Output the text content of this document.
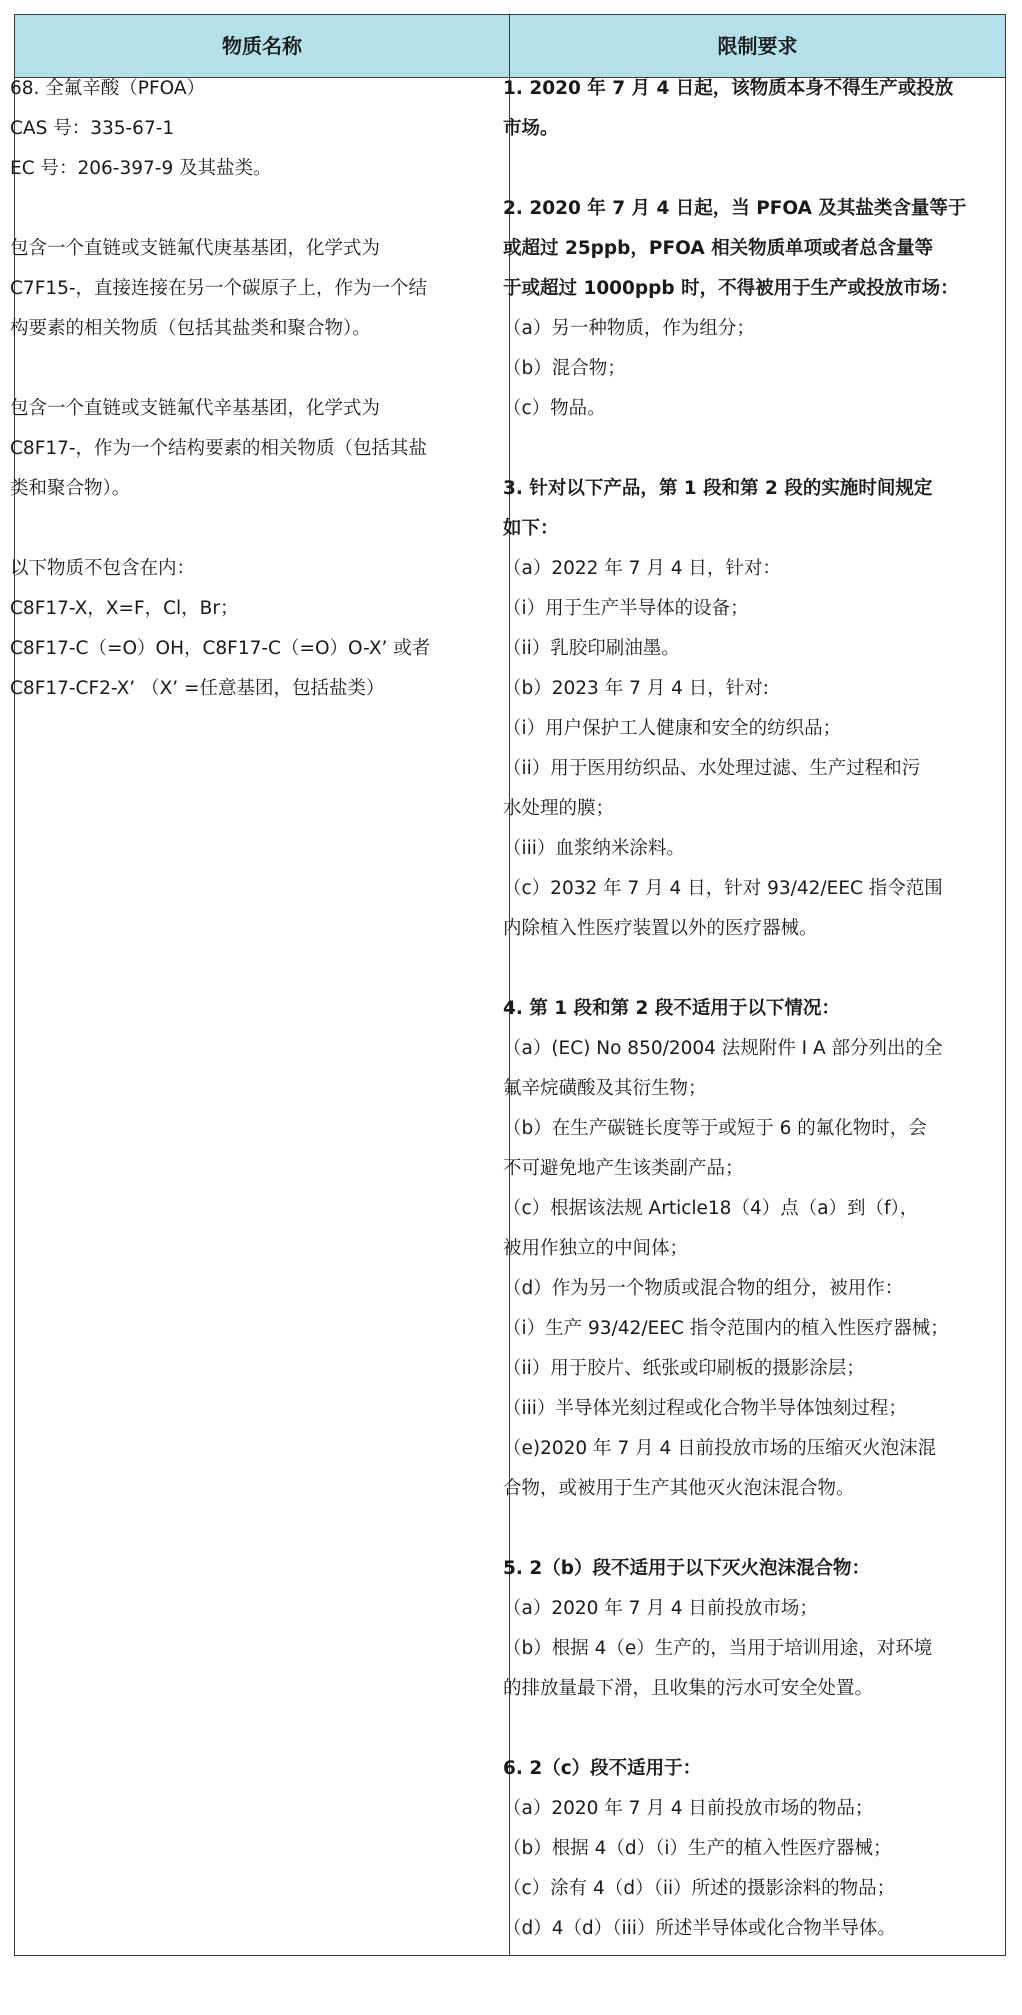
物质名称	限制要求
68. 全氟辛酸（PFOA）
CAS 号：335-67-1
EC 号：206-397-9 及其盐类。
包含一个直链或支链氟代庚基基团，化学式为
C7F15-，直接连接在另一个碳原子上，作为一个结
构要素的相关物质（包括其盐类和聚合物）。
包含一个直链或支链氟代辛基基团，化学式为
C8F17-，作为一个结构要素的相关物质（包括其盐
类和聚合物）。
以下物质不包含在内：
C8F17-X，X=F，Cl，Br；
C8F17-C（=O）OH，C8F17-C（=O）O-X’ 或者
C8F17-CF2-X’ （X’ =任意基团，包括盐类）
1. 2020 年 7 月 4 日起，该物质本身不得生产或投放
市场。
2. 2020 年 7 月 4 日起，当 PFOA 及其盐类含量等于
或超过 25ppb，PFOA 相关物质单项或者总含量等
于或超过 1000ppb 时，不得被用于生产或投放市场：
（a）另一种物质，作为组分；
（b）混合物；
（c）物品。
3. 针对以下产品，第 1 段和第 2 段的实施时间规定
如下：
（a）2022 年 7 月 4 日，针对：
（i）用于生产半导体的设备；
（ii）乳胶印刷油墨。
（b）2023 年 7 月 4 日，针对:
（i）用户保护工人健康和安全的纺织品；
（ii）用于医用纺织品、水处理过滤、生产过程和污
水处理的膜；
（iii）血浆纳米涂料。
（c）2032 年 7 月 4 日，针对 93/42/EEC 指令范围
内除植入性医疗装置以外的医疗器械。
4. 第 1 段和第 2 段不适用于以下情况：
（a）(EC) No 850/2004 法规附件 I A 部分列出的全
氟辛烷磺酸及其衍生物；
（b）在生产碳链长度等于或短于 6 的氟化物时，会
不可避免地产生该类副产品；
（c）根据该法规 Article18（4）点（a）到（f），
被用作独立的中间体；
（d）作为另一个物质或混合物的组分，被用作：
（i）生产 93/42/EEC 指令范围内的植入性医疗器械；
（ii）用于胶片、纸张或印刷板的摄影涂层；
（iii）半导体光刻过程或化合物半导体蚀刻过程；
（e)2020 年 7 月 4 日前投放市场的压缩灭火泡沫混
合物，或被用于生产其他灭火泡沫混合物。
5. 2（b）段不适用于以下灭火泡沫混合物：
（a）2020 年 7 月 4 日前投放市场；
（b）根据 4（e）生产的，当用于培训用途，对环境
的排放量最下滑，且收集的污水可安全处置。
6. 2（c）段不适用于：
（a）2020 年 7 月 4 日前投放市场的物品；
（b）根据 4（d）（i）生产的植入性医疗器械；
（c）涂有 4（d）（ii）所述的摄影涂料的物品；
（d）4（d）（iii）所述半导体或化合物半导体。
